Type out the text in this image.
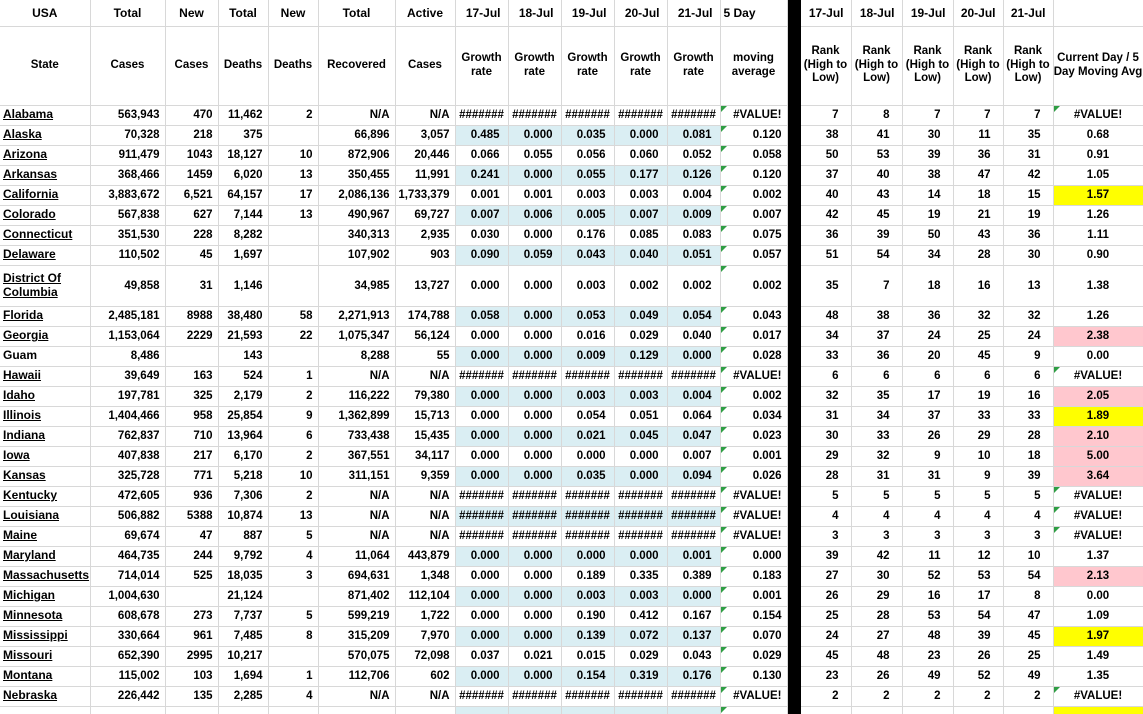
USA	Total	New	Total	New	Total	Active	17-Jul	18-Jul	19-Jul	20-Jul	21-Jul	5 Day		17-Jul	18-Jul	19-Jul	20-Jul	21-Jul	
State	Cases	Cases	Deaths	Deaths	Recovered	Cases	Growth rate	Growth rate	Growth rate	Growth rate	Growth rate	moving average		Rank (High to Low)	Rank (High to Low)	Rank (High to Low)	Rank (High to Low)	Rank (High to Low)	Current Day / 5 Day Moving Avg
Alabama	563,943	470	11,462	2	N/A	N/A	#######	#######	#######	#######	#######	#VALUE!		7	8	7	7	7	#VALUE!
Alaska	70,328	218	375		66,896	3,057	0.485	0.000	0.035	0.000	0.081	0.120		38	41	30	11	35	0.68
Arizona	911,479	1043	18,127	10	872,906	20,446	0.066	0.055	0.056	0.060	0.052	0.058		50	53	39	36	31	0.91
Arkansas	368,466	1459	6,020	13	350,455	11,991	0.241	0.000	0.055	0.177	0.126	0.120		37	40	38	47	42	1.05
California	3,883,672	6,521	64,157	17	2,086,136	1,733,379	0.001	0.001	0.003	0.003	0.004	0.002		40	43	14	18	15	1.57
Colorado	567,838	627	7,144	13	490,967	69,727	0.007	0.006	0.005	0.007	0.009	0.007		42	45	19	21	19	1.26
Connecticut	351,530	228	8,282		340,313	2,935	0.030	0.000	0.176	0.085	0.083	0.075		36	39	50	43	36	1.11
Delaware	110,502	45	1,697		107,902	903	0.090	0.059	0.043	0.040	0.051	0.057		51	54	34	28	30	0.90
District Of Columbia	49,858	31	1,146		34,985	13,727	0.000	0.000	0.003	0.002	0.002	0.002		35	7	18	16	13	1.38
Florida	2,485,181	8988	38,480	58	2,271,913	174,788	0.058	0.000	0.053	0.049	0.054	0.043		48	38	36	32	32	1.26
Georgia	1,153,064	2229	21,593	22	1,075,347	56,124	0.000	0.000	0.016	0.029	0.040	0.017		34	37	24	25	24	2.38
Guam	8,486		143		8,288	55	0.000	0.000	0.009	0.129	0.000	0.028		33	36	20	45	9	0.00
Hawaii	39,649	163	524	1	N/A	N/A	#######	#######	#######	#######	#######	#VALUE!		6	6	6	6	6	#VALUE!
Idaho	197,781	325	2,179	2	116,222	79,380	0.000	0.000	0.003	0.003	0.004	0.002		32	35	17	19	16	2.05
Illinois	1,404,466	958	25,854	9	1,362,899	15,713	0.000	0.000	0.054	0.051	0.064	0.034		31	34	37	33	33	1.89
Indiana	762,837	710	13,964	6	733,438	15,435	0.000	0.000	0.021	0.045	0.047	0.023		30	33	26	29	28	2.10
Iowa	407,838	217	6,170	2	367,551	34,117	0.000	0.000	0.000	0.000	0.007	0.001		29	32	9	10	18	5.00
Kansas	325,728	771	5,218	10	311,151	9,359	0.000	0.000	0.035	0.000	0.094	0.026		28	31	31	9	39	3.64
Kentucky	472,605	936	7,306	2	N/A	N/A	#######	#######	#######	#######	#######	#VALUE!		5	5	5	5	5	#VALUE!
Louisiana	506,882	5388	10,874	13	N/A	N/A	#######	#######	#######	#######	#######	#VALUE!		4	4	4	4	4	#VALUE!
Maine	69,674	47	887	5	N/A	N/A	#######	#######	#######	#######	#######	#VALUE!		3	3	3	3	3	#VALUE!
Maryland	464,735	244	9,792	4	11,064	443,879	0.000	0.000	0.000	0.000	0.001	0.000		39	42	11	12	10	1.37
Massachusetts	714,014	525	18,035	3	694,631	1,348	0.000	0.000	0.189	0.335	0.389	0.183		27	30	52	53	54	2.13
Michigan	1,004,630		21,124		871,402	112,104	0.000	0.000	0.003	0.003	0.000	0.001		26	29	16	17	8	0.00
Minnesota	608,678	273	7,737	5	599,219	1,722	0.000	0.000	0.190	0.412	0.167	0.154		25	28	53	54	47	1.09
Mississippi	330,664	961	7,485	8	315,209	7,970	0.000	0.000	0.139	0.072	0.137	0.070		24	27	48	39	45	1.97
Missouri	652,390	2995	10,217		570,075	72,098	0.037	0.021	0.015	0.029	0.043	0.029		45	48	23	26	25	1.49
Montana	115,002	103	1,694	1	112,706	602	0.000	0.000	0.154	0.319	0.176	0.130		23	26	49	52	49	1.35
Nebraska	226,442	135	2,285	4	N/A	N/A	#######	#######	#######	#######	#######	#VALUE!		2	2	2	2	2	#VALUE!
